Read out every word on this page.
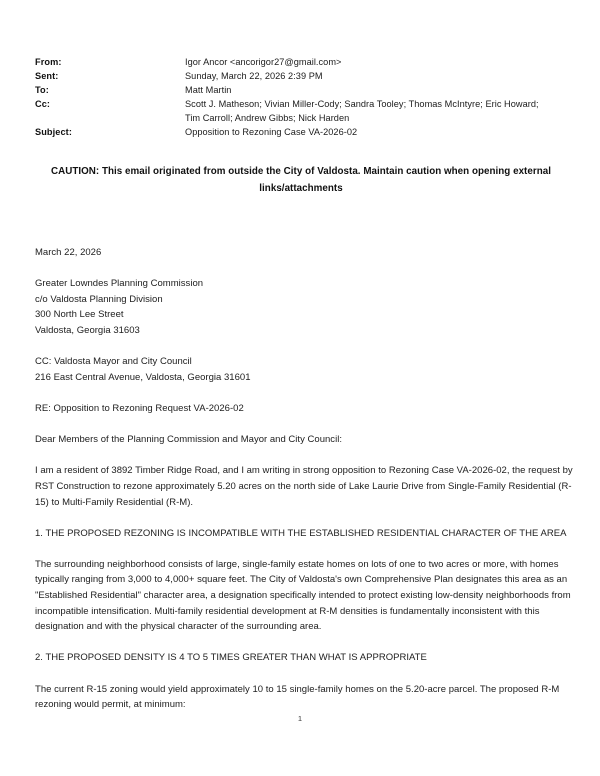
From:	Igor Ancor <ancorigor27@gmail.com>
Sent:	Sunday, March 22, 2026 2:39 PM
To:	Matt Martin
Cc:	Scott J. Matheson; Vivian Miller-Cody; Sandra Tooley; Thomas McIntyre; Eric Howard;
Tim Carroll; Andrew Gibbs; Nick Harden
Subject:	Opposition to Rezoning Case VA-2026-02
CAUTION: This email originated from outside the City of Valdosta. Maintain caution when opening external links/attachments

March 22, 2026

Greater Lowndes Planning Commission
c/o Valdosta Planning Division
300 North Lee Street
Valdosta, Georgia 31603
CC: Valdosta Mayor and City Council
216 East Central Avenue, Valdosta, Georgia 31601

RE: Opposition to Rezoning Request VA-2026-02

Dear Members of the Planning Commission and Mayor and City Council:

I am a resident of 3892 Timber Ridge Road, and I am writing in strong opposition to Rezoning Case VA-2026-02, the request by RST Construction to rezone approximately 5.20 acres on the north side of Lake Laurie Drive from Single-Family Residential (R-15) to Multi-Family Residential (R-M).

1. THE PROPOSED REZONING IS INCOMPATIBLE WITH THE ESTABLISHED RESIDENTIAL CHARACTER OF THE AREA

The surrounding neighborhood consists of large, single-family estate homes on lots of one to two acres or more, with homes typically ranging from 3,000 to 4,000+ square feet. The City of Valdosta's own Comprehensive Plan designates this area as an "Established Residential" character area, a designation specifically intended to protect existing low-density neighborhoods from incompatible intensification. Multi-family residential development at R-M densities is fundamentally inconsistent with this designation and with the physical character of the surrounding area.

2. THE PROPOSED DENSITY IS 4 TO 5 TIMES GREATER THAN WHAT IS APPROPRIATE

The current R-15 zoning would yield approximately 10 to 15 single-family homes on the 5.20-acre parcel. The proposed R-M rezoning would permit, at minimum:

1
